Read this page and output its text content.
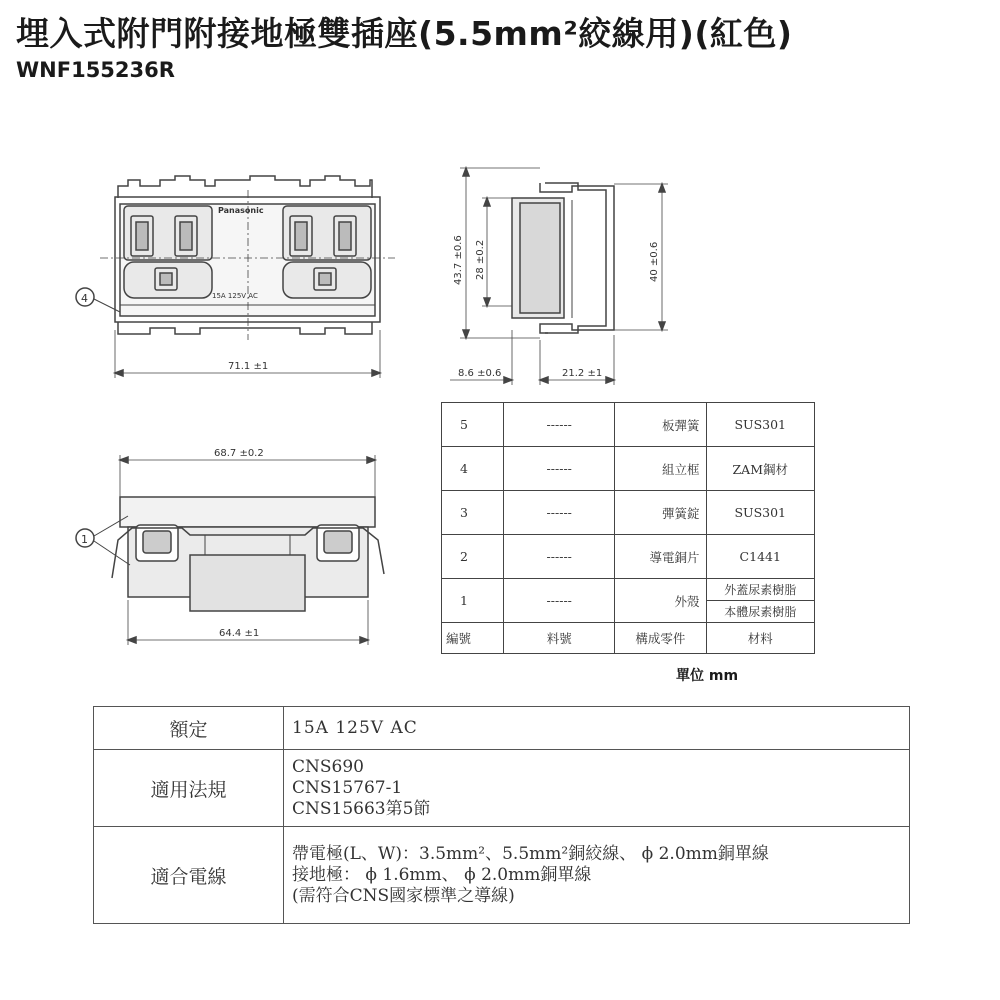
埋入式附門附接地極雙插座(5.5mm²絞線用)(紅色)
WNF155236R
Panasonic
15A 125V AC
4
1
71.1 ±1
68.7 ±0.2
64.4 ±1
8.6 ±0.6	21.2 ±1
43.7 ±0.6 28 ±0.2	40 ±0.6
5	------	板彈簧	SUS301
4	------	組立框	ZAM鋼材
3	------	彈簧錠	SUS301
2	------	導電銅片	C1441
1	------	外殼	外蓋尿素樹脂
本體尿素樹脂

編號	料號	構成零件	材料
單位 mm
額定	15A 125V AC
適用法規	CNS690
CNS15767-1
CNS15663第5節

適合電線	帶電極(L、W)：3.5mm²、5.5mm²銅絞線、 ϕ 2.0mm銅單線
接地極： ϕ 1.6mm、 ϕ 2.0mm銅單線
(需符合CNS國家標準之導線)
